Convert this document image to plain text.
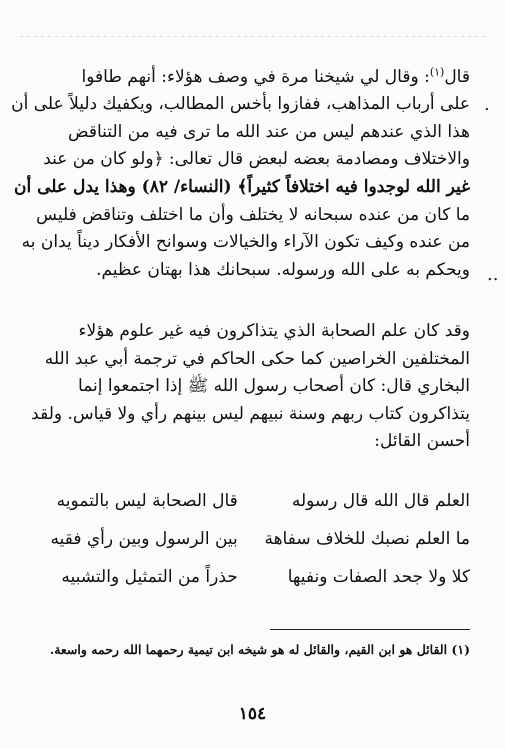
.
..
قال$^{(١)}$: وقال لي شيخنا مرة في وصف هؤلاء: أنهم طافوا
على أرباب المذاهب، ففازوا بأخس المطالب، ويكفيك دليلاً على أن
هذا الذي عندهم ليس من عند الله ما ترى فيه من التناقض
والاختلاف ومصادمة بعضه لبعض قال تعالى: ﴿ولو كان من عند
غير الله لوجدوا فيه اختلافاً كثيراً﴾ (النساء/ ٨٢) وهذا يدل على أن
ما كان من عنده سبحانه لا يختلف وأن ما اختلف وتناقض فليس
من عنده وكيف تكون الآراء والخيالات وسوانح الأفكار ديناً يدان به
ويحكم به على الله ورسوله. سبحانك هذا بهتان عظيم.
وقد كان علم الصحابة الذي يتذاكرون فيه غير علوم هؤلاء
المختلفين الخراصين كما حكى الحاكم في ترجمة أبي عبد الله
البخاري قال: كان أصحاب رسول الله ﷺ إذا اجتمعوا إنما
يتذاكرون كتاب ربهم وسنة نبيهم ليس بينهم رأي ولا قياس. ولقد
أحسن القائل:
العلم قال الله قال رسوله
قال الصحابة ليس بالتمويه
ما العلم نصبك للخلاف سفاهة
بين الرسول وبين رأي فقيه
كلا ولا جحد الصفات ونفيها
حذراً من التمثيل والتشبيه
(١) القائل هو ابن القيم، والقائل له هو شيخه ابن تيمية رحمهما الله رحمه واسعة.
١٥٤
